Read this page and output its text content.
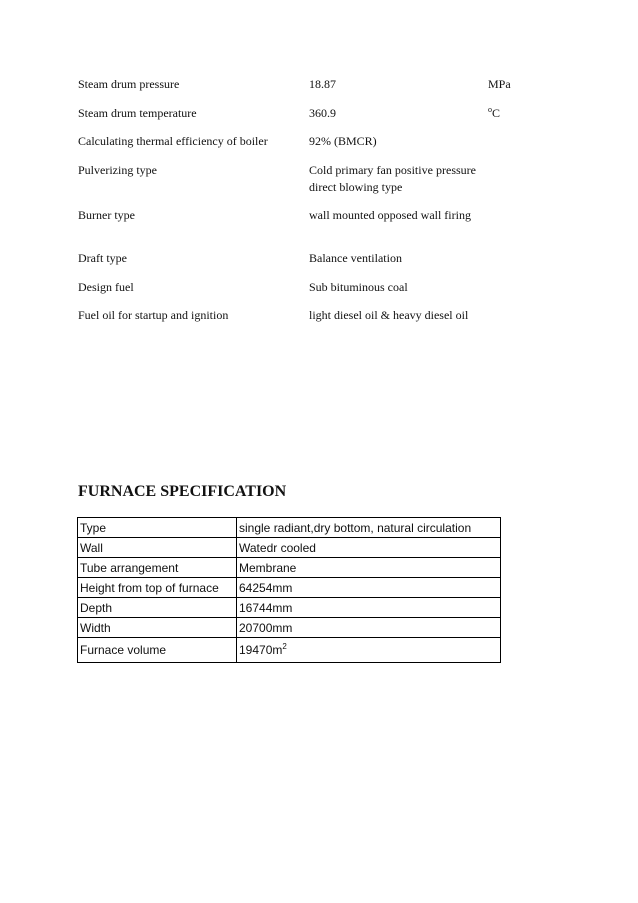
Steam drum pressure	18.87	MPa
Steam drum temperature	360.9	$^o$C
Calculating thermal efficiency of boiler	92% (BMCR)
Pulverizing type	Cold primary fan positive pressure direct blowing type
Burner type	wall mounted opposed wall firing
Draft type	Balance ventilation
Design fuel	Sub bituminous coal
Fuel oil for startup and ignition	light diesel oil & heavy diesel oil
FURNACE SPECIFICATION
Type	single radiant,dry bottom, natural circulation
Wall	Watedr cooled
Tube arrangement	Membrane
Height from top of furnace	64254mm
Depth	16744mm
Width	20700mm
Furnace volume	$19470m^2$
